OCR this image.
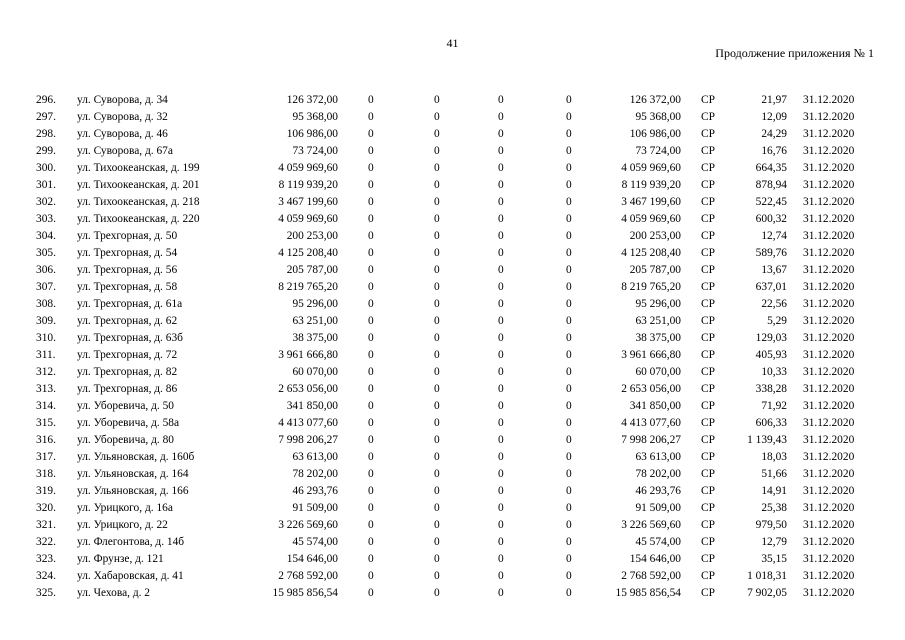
41
Продолжение приложения № 1
296. ул. Суворова, д. 34	126 372,00	0	0	0	0	126 372,00 СР	21,97 31.12.2020
297. ул. Суворова, д. 32	95 368,00	0	0	0	0	95 368,00 СР	12,09 31.12.2020
298. ул. Суворова, д. 46	106 986,00	0	0	0	0	106 986,00 СР	24,29 31.12.2020
299. ул. Суворова, д. 67а	73 724,00	0	0	0	0	73 724,00 СР	16,76 31.12.2020
300. ул. Тихоокеанская, д. 199	4 059 969,60	0	0	0	0	4 059 969,60 СР	664,35 31.12.2020
301. ул. Тихоокеанская, д. 201	8 119 939,20	0	0	0	0	8 119 939,20 СР	878,94 31.12.2020
302. ул. Тихоокеанская, д. 218	3 467 199,60	0	0	0	0	3 467 199,60 СР	522,45 31.12.2020
303. ул. Тихоокеанская, д. 220	4 059 969,60	0	0	0	0	4 059 969,60 СР	600,32 31.12.2020
304. ул. Трехгорная, д. 50	200 253,00	0	0	0	0	200 253,00 СР	12,74 31.12.2020
305. ул. Трехгорная, д. 54	4 125 208,40	0	0	0	0	4 125 208,40 СР	589,76 31.12.2020
306. ул. Трехгорная, д. 56	205 787,00	0	0	0	0	205 787,00 СР	13,67 31.12.2020
307. ул. Трехгорная, д. 58	8 219 765,20	0	0	0	0	8 219 765,20 СР	637,01 31.12.2020
308. ул. Трехгорная, д. 61а	95 296,00	0	0	0	0	95 296,00 СР	22,56 31.12.2020
309. ул. Трехгорная, д. 62	63 251,00	0	0	0	0	63 251,00 СР	5,29 31.12.2020
310. ул. Трехгорная, д. 63б	38 375,00	0	0	0	0	38 375,00 СР	129,03 31.12.2020
311. ул. Трехгорная, д. 72	3 961 666,80	0	0	0	0	3 961 666,80 СР	405,93 31.12.2020
312. ул. Трехгорная, д. 82	60 070,00	0	0	0	0	60 070,00 СР	10,33 31.12.2020
313. ул. Трехгорная, д. 86	2 653 056,00	0	0	0	0	2 653 056,00 СР	338,28 31.12.2020
314. ул. Уборевича, д. 50	341 850,00	0	0	0	0	341 850,00 СР	71,92 31.12.2020
315. ул. Уборевича, д. 58а	4 413 077,60	0	0	0	0	4 413 077,60 СР	606,33 31.12.2020
316. ул. Уборевича, д. 80	7 998 206,27	0	0	0	0	7 998 206,27 СР	1 139,43 31.12.2020
317. ул. Ульяновская, д. 160б	63 613,00	0	0	0	0	63 613,00 СР	18,03 31.12.2020
318. ул. Ульяновская, д. 164	78 202,00	0	0	0	0	78 202,00 СР	51,66 31.12.2020
319. ул. Ульяновская, д. 166	46 293,76	0	0	0	0	46 293,76 СР	14,91 31.12.2020
320. ул. Урицкого, д. 16а	91 509,00	0	0	0	0	91 509,00 СР	25,38 31.12.2020
321. ул. Урицкого, д. 22	3 226 569,60	0	0	0	0	3 226 569,60 СР	979,50 31.12.2020
322. ул. Флегонтова, д. 14б	45 574,00	0	0	0	0	45 574,00 СР	12,79 31.12.2020
323. ул. Фрунзе, д. 121	154 646,00	0	0	0	0	154 646,00 СР	35,15 31.12.2020
324. ул. Хабаровская, д. 41	2 768 592,00	0	0	0	0	2 768 592,00 СР	1 018,31 31.12.2020
325. ул. Чехова, д. 2	15 985 856,54	0	0	0	0	15 985 856,54 СР	7 902,05 31.12.2020
